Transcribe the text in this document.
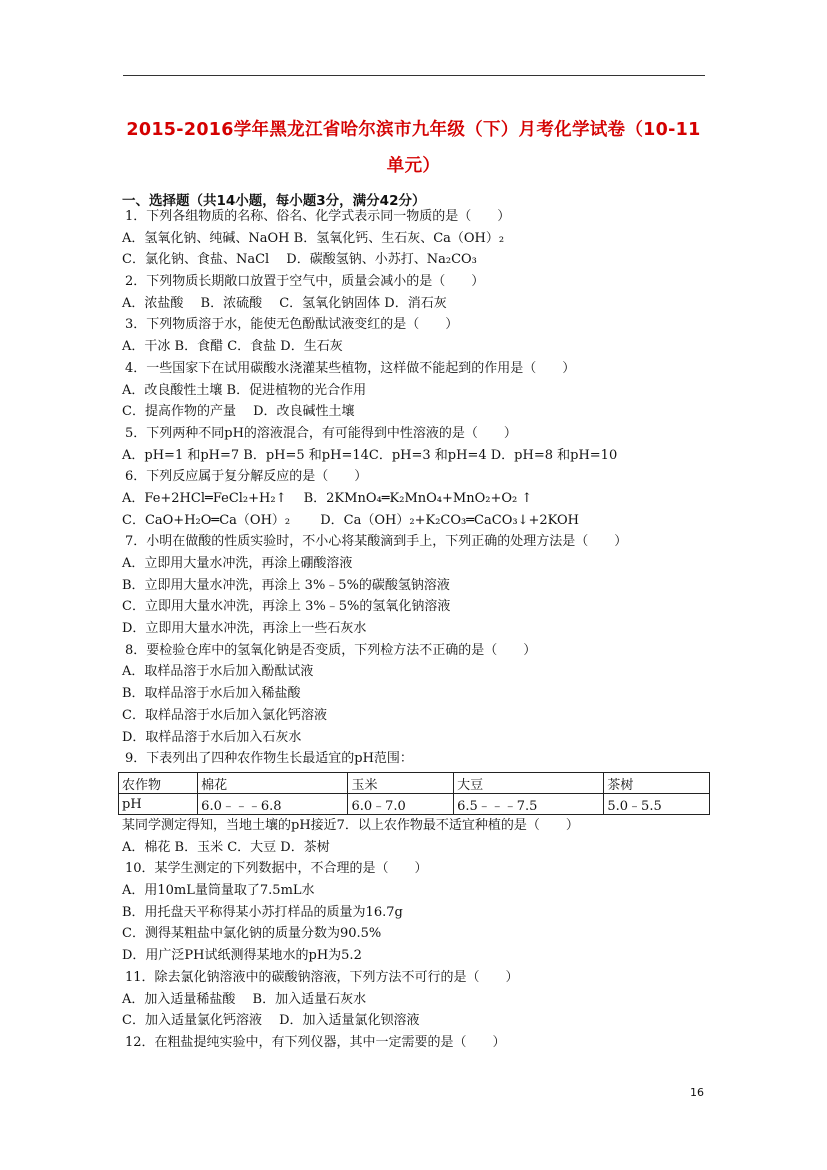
2015-2016学年黑龙江省哈尔滨市九年级（下）月考化学试卷（10-11
单元）
一、选择题（共14小题，每小题3分，满分42分）
1．下列各组物质的名称、俗名、化学式表示同一物质的是（　　）
A．氢氧化钠、纯碱、NaOH B．氢氧化钙、生石灰、Ca（OH）₂
C．氯化钠、食盐、NaCl　 D．碳酸氢钠、小苏打、Na₂CO₃
2．下列物质长期敞口放置于空气中，质量会减小的是（　　）
A．浓盐酸　 B．浓硫酸　 C．氢氧化钠固体 D．消石灰
3．下列物质溶于水，能使无色酚酞试液变红的是（　　）
A．干冰 B．食醋 C．食盐 D．生石灰
4．一些国家下在试用碳酸水浇灌某些植物，这样做不能起到的作用是（　　）
A．改良酸性土壤 B．促进植物的光合作用
C．提高作物的产量　 D．改良碱性土壤
5．下列两种不同pH的溶液混合，有可能得到中性溶液的是（　　）
A．pH=1 和pH=7 B．pH=5 和pH=14C．pH=3 和pH=4 D．pH=8 和pH=10
6．下列反应属于复分解反应的是（　　）
A．Fe+2HCl═FeCl₂+H₂↑　 B．2KMnO₄═K₂MnO₄+MnO₂+O₂ ↑
C．CaO+H₂O═Ca（OH）₂　　 D．Ca（OH）₂+K₂CO₃═CaCO₃↓+2KOH
7．小明在做酸的性质实验时，不小心将某酸滴到手上，下列正确的处理方法是（　　）
A．立即用大量水冲洗，再涂上硼酸溶液
B．立即用大量水冲洗，再涂上 3%﹣5%的碳酸氢钠溶液
C．立即用大量水冲洗，再涂上 3%﹣5%的氢氧化钠溶液
D．立即用大量水冲洗，再涂上一些石灰水
8．要检验仓库中的氢氧化钠是否变质，下列检方法不正确的是（　　）
A．取样品溶于水后加入酚酞试液
B．取样品溶于水后加入稀盐酸
C．取样品溶于水后加入氯化钙溶液
D．取样品溶于水后加入石灰水
9．下表列出了四种农作物生长最适宜的pH范围：
农作物	棉花	玉米	大豆	茶树
pH	6.0﹣﹣﹣6.8	6.0﹣7.0	6.5﹣﹣﹣7.5	5.0﹣5.5
某同学测定得知，当地土壤的pH接近7．以上农作物最不适宜种植的是（　　）
A．棉花 B．玉米 C．大豆 D．茶树
10．某学生测定的下列数据中，不合理的是（　　）
A．用10mL量筒量取了7.5mL水
B．用托盘天平称得某小苏打样品的质量为16.7g
C．测得某粗盐中氯化钠的质量分数为90.5%
D．用广泛PH试纸测得某地水的pH为5.2
11．除去氯化钠溶液中的碳酸钠溶液，下列方法不可行的是（　　）
A．加入适量稀盐酸　 B．加入适量石灰水
C．加入适量氯化钙溶液　 D．加入适量氯化钡溶液
12．在粗盐提纯实验中，有下列仪器，其中一定需要的是（　　）
16
